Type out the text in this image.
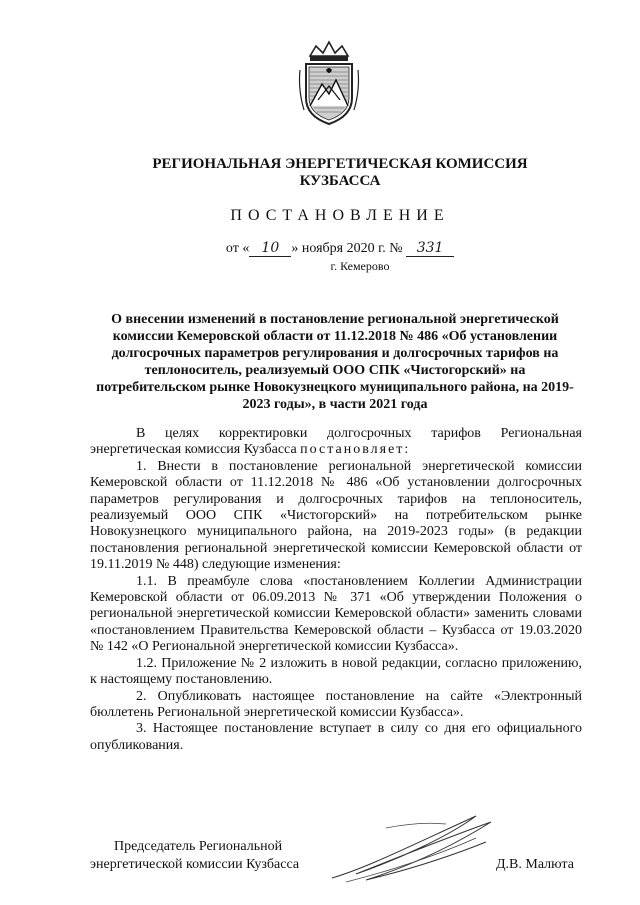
РЕГИОНАЛЬНАЯ ЭНЕРГЕТИЧЕСКАЯ КОМИССИЯ
КУЗБАССА
ПОСТАНОВЛЕНИЕ
от « 10 » ноября 2020 г. № 331
г. Кемерово
О внесении изменений в постановление региональной энергетической комиссии Кемеровской области от 11.12.2018 № 486 «Об установлении долгосрочных параметров регулирования и долгосрочных тарифов на теплоноситель, реализуемый ООО СПК «Чистогорский» на потребительском рынке Новокузнецкого муниципального района, на 2019-2023 годы», в части 2021 года

В целях корректировки долгосрочных тарифов Региональная энергетическая комиссия Кузбасса постановляет:

1. Внести в постановление региональной энергетической комиссии Кемеровской области от 11.12.2018 № 486 «Об установлении долгосрочных параметров регулирования и долгосрочных тарифов на теплоноситель, реализуемый ООО СПК «Чистогорский» на потребительском рынке Новокузнецкого муниципального района, на 2019-2023 годы» (в редакции постановления региональной энергетической комиссии Кемеровской области от 19.11.2019 № 448) следующие изменения:

1.1. В преамбуле слова «постановлением Коллегии Администрации Кемеровской области от 06.09.2013 № 371 «Об утверждении Положения о региональной энергетической комиссии Кемеровской области» заменить словами «постановлением Правительства Кемеровской области – Кузбасса от 19.03.2020 № 142 «О Региональной энергетической комиссии Кузбасса».

1.2. Приложение № 2 изложить в новой редакции, согласно приложению, к настоящему постановлению.

2. Опубликовать настоящее постановление на сайте «Электронный бюллетень Региональной энергетической комиссии Кузбасса».

3. Настоящее постановление вступает в силу со дня его официального опубликования.

Председатель Региональной
энергетической комиссии Кузбасса	Д.В. Малюта
